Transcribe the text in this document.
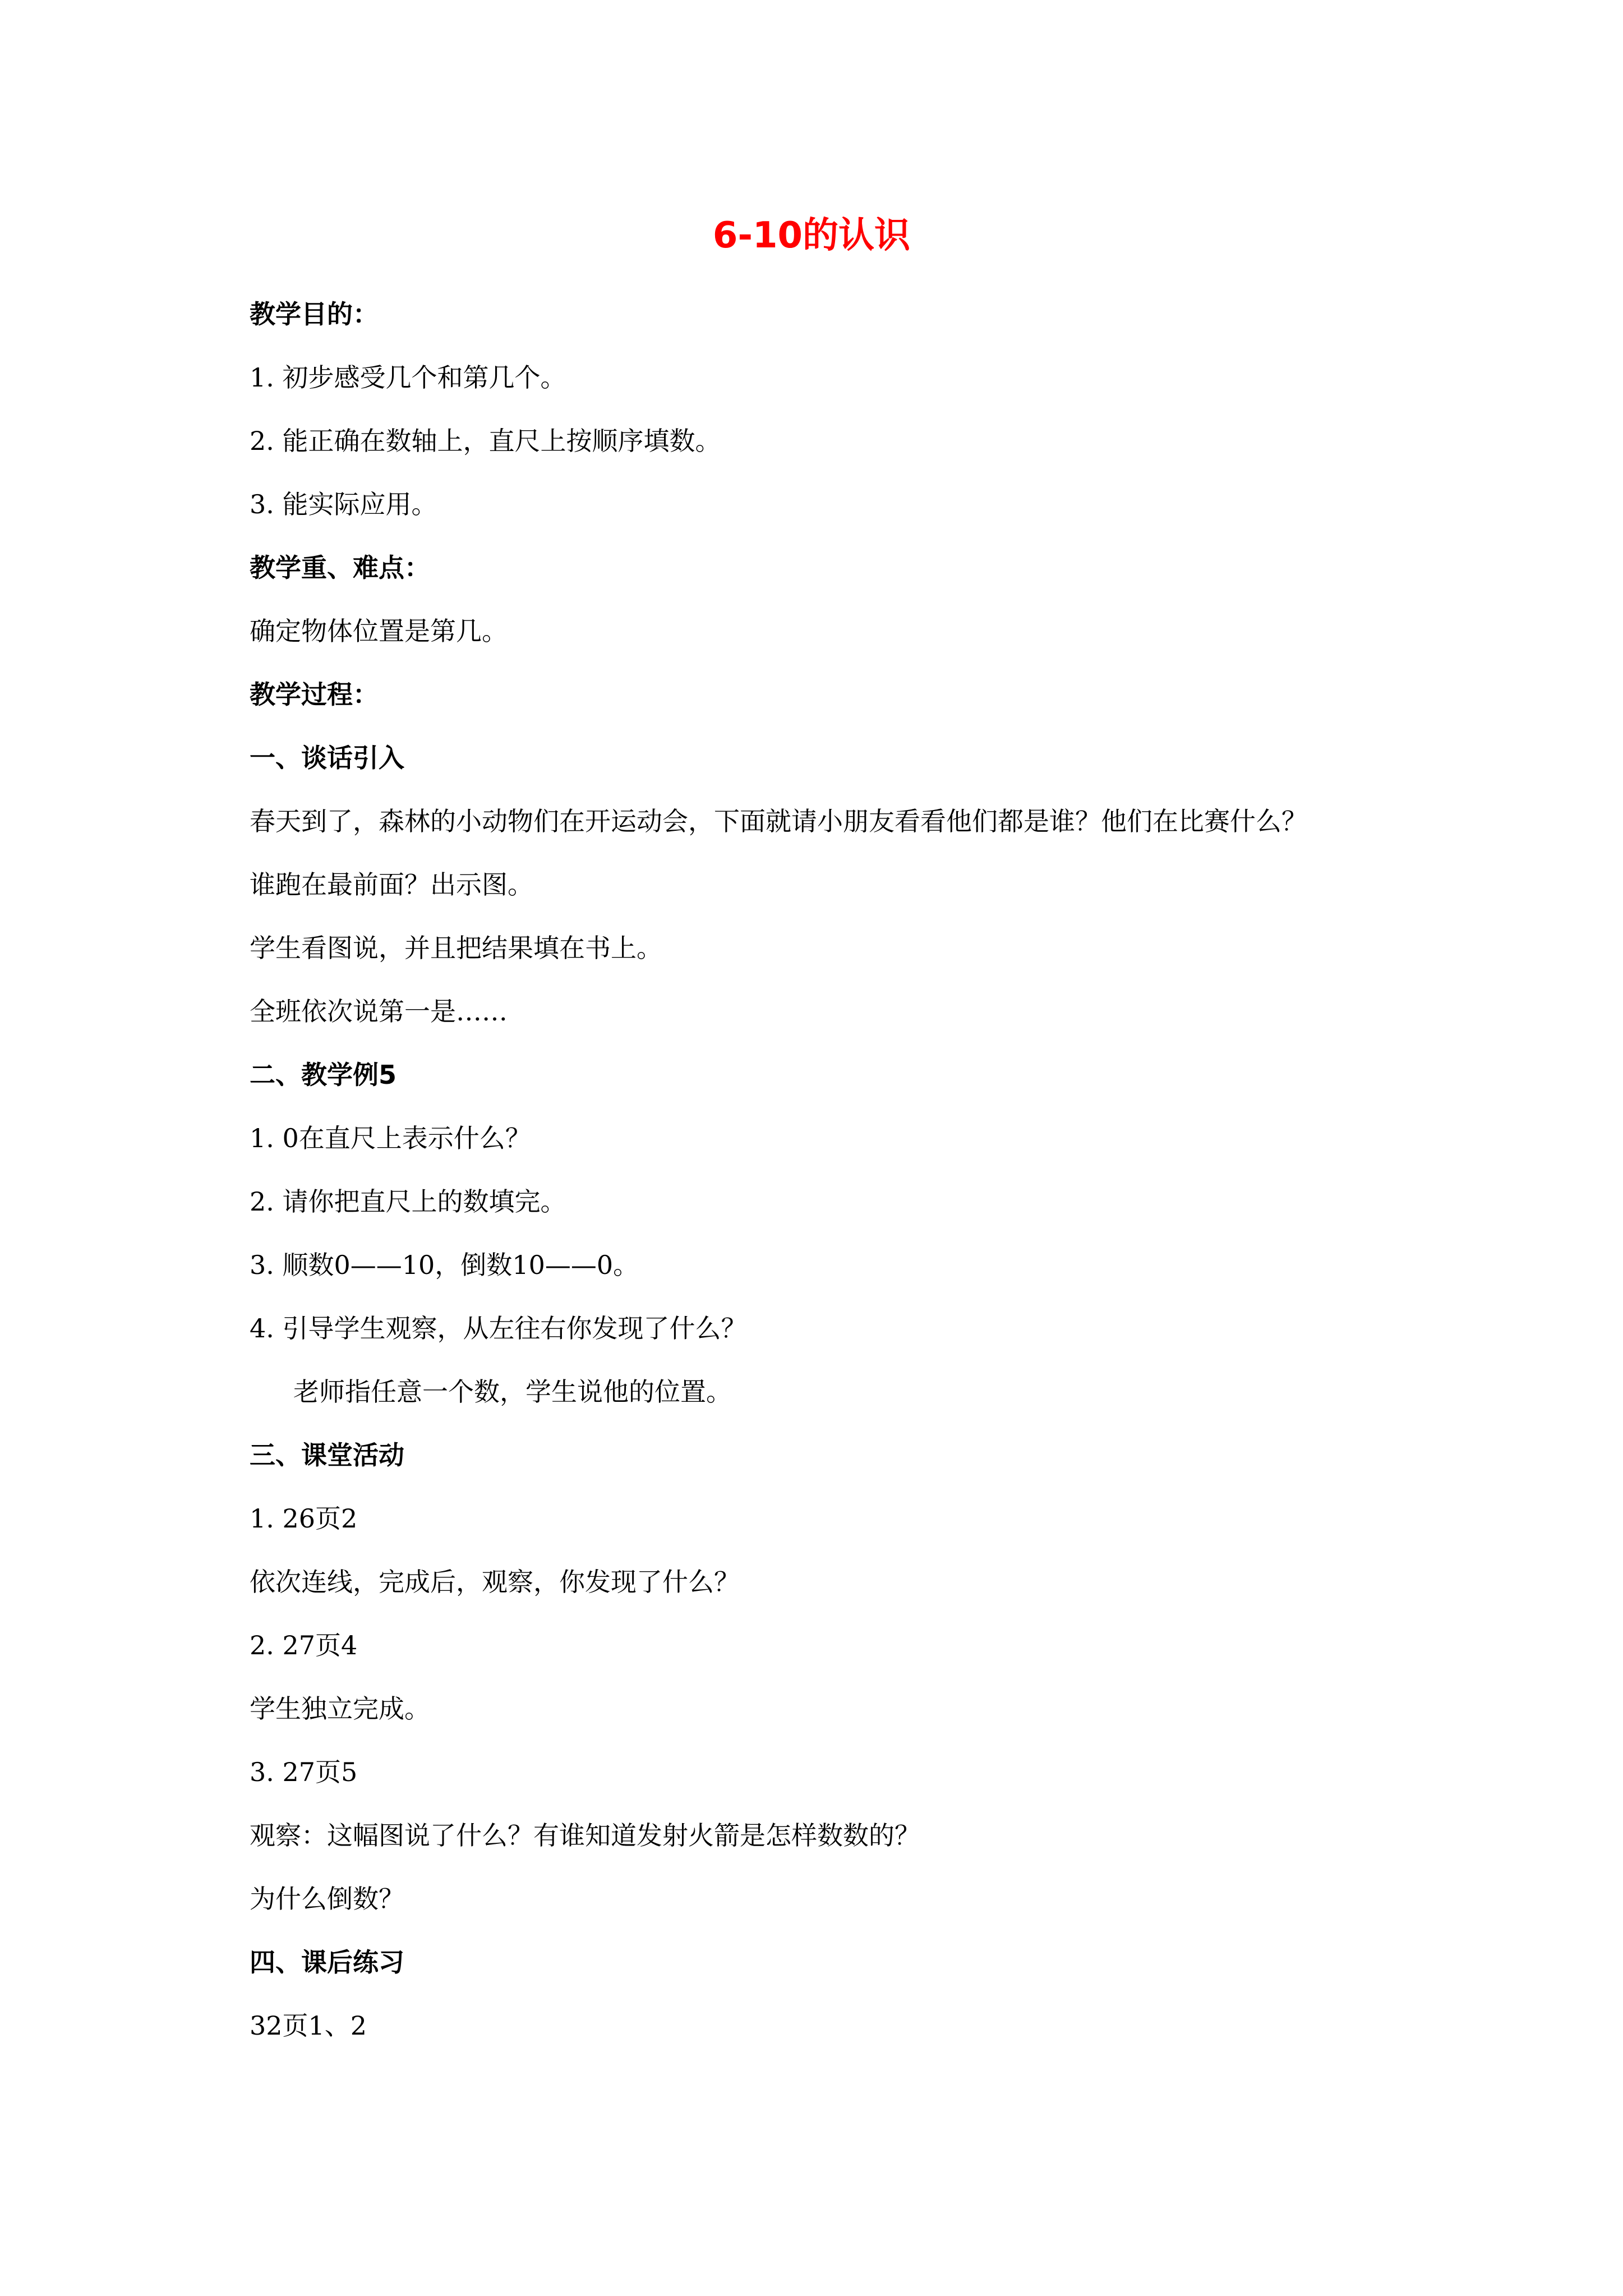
6-10的认识

教学目的：

1. 初步感受几个和第几个。

2. 能正确在数轴上，直尺上按顺序填数。

3. 能实际应用。

教学重、难点：

确定物体位置是第几。

教学过程：

一、谈话引入

春天到了，森林的小动物们在开运动会，下面就请小朋友看看他们都是谁？他们在比赛什么？

谁跑在最前面？出示图。

学生看图说，并且把结果填在书上。

全班依次说第一是……

二、教学例5

1. 0在直尺上表示什么？

2. 请你把直尺上的数填完。

3. 顺数0——10，倒数10——0。

4. 引导学生观察，从左往右你发现了什么？

老师指任意一个数，学生说他的位置。

三、课堂活动

1. 26页2

依次连线，完成后，观察，你发现了什么？

2. 27页4

学生独立完成。

3. 27页5

观察：这幅图说了什么？有谁知道发射火箭是怎样数数的？

为什么倒数？

四、课后练习

32页1、2
